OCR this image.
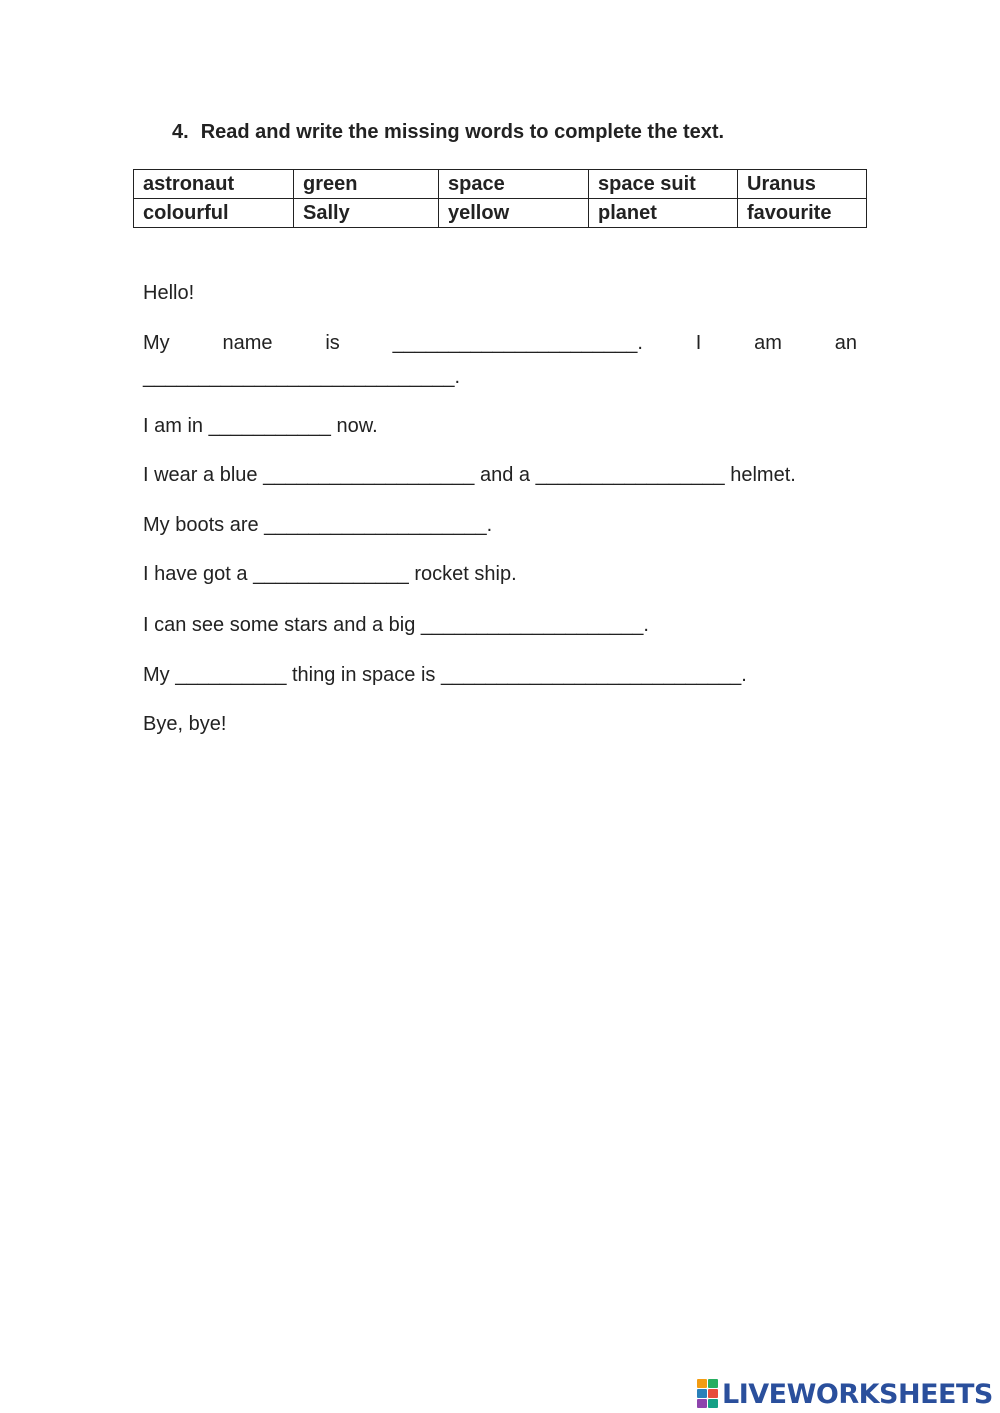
4. Read and write the missing words to complete the text.
astronaut	green	space	space suit	Uranus
colourful	Sally	yellow	planet	favourite
Hello!
My	name	is	______________________.	I	am	an
____________________________.
I am in ___________ now.
I wear a blue ___________________ and a _________________ helmet.
My boots are ____________________.
I have got a ______________ rocket ship.
I can see some stars and a big ____________________.
My __________ thing in space is ___________________________.
Bye, bye!
LIVEWORKSHEETS
